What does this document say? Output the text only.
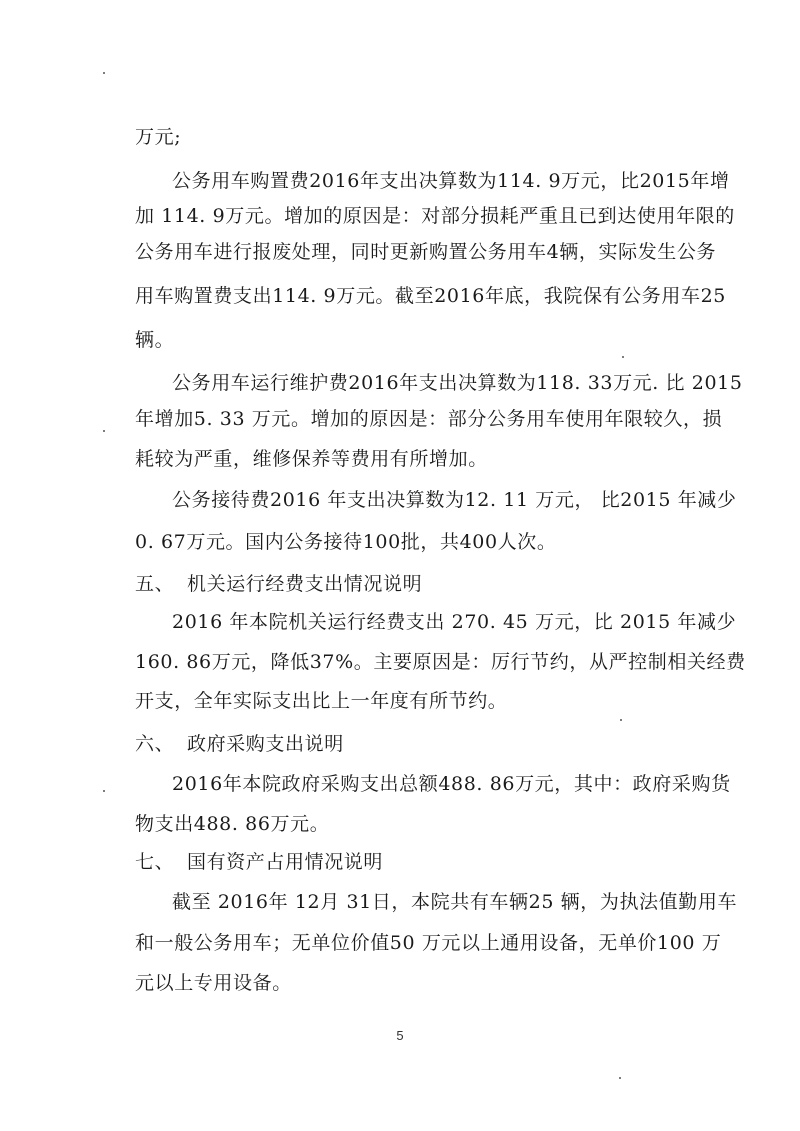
万元;
公务用车购置费2016年支出决算数为114. 9万元，比2015年增
加 114. 9万元。增加的原因是：对部分损耗严重且已到达使用年限的
公务用车进行报废处理，同时更新购置公务用车4辆，实际发生公务
用车购置费支出114. 9万元。截至2016年底，我院保有公务用车25
辆。
公务用车运行维护费2016年支出决算数为118. 33万元. 比 2015
年增加5. 33 万元。增加的原因是：部分公务用车使用年限较久，损
耗较为严重，维修保养等费用有所增加。
公务接待费2016 年支出决算数为12. 11 万元， 比2015 年减少
0. 67万元。国内公务接待100批，共400人次。
五、 机关运行经费支出情况说明
2016 年本院机关运行经费支出 270. 45 万元，比 2015 年减少
160. 86万元，降低37%。主要原因是：厉行节约，从严控制相关经费
开支，全年实际支出比上一年度有所节约。
六、 政府采购支出说明
2016年本院政府采购支出总额488. 86万元，其中：政府采购货
物支出488. 86万元。
七、 国有资产占用情况说明
截至 2016年 12月 31日，本院共有车辆25 辆，为执法值勤用车
和一般公务用车；无单位价值50 万元以上通用设备，无单价100 万
元以上专用设备。
5
